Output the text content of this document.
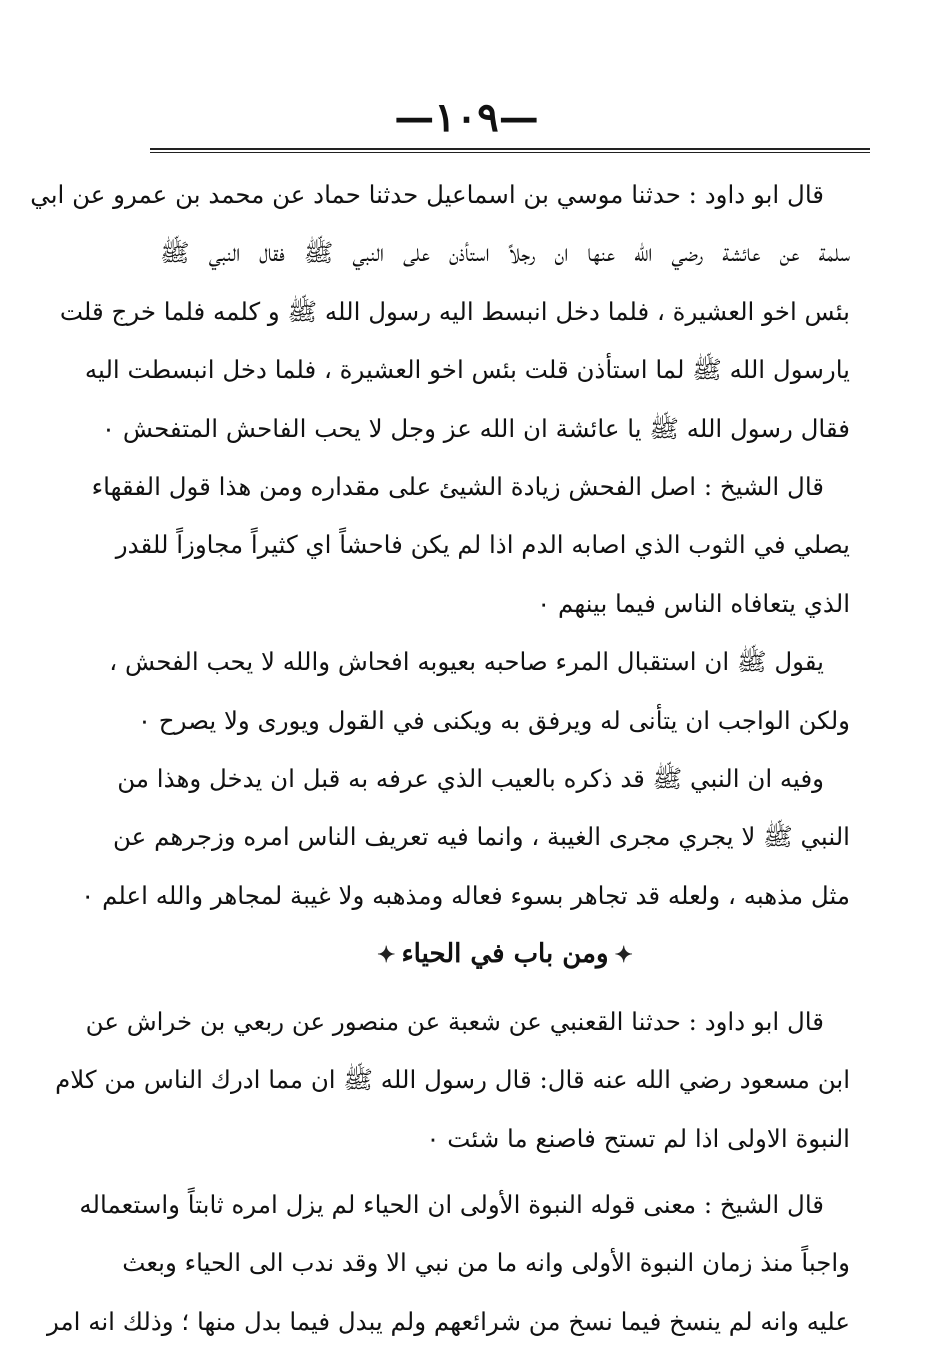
—١٠٩—
قال ابو داود : حدثنا موسي بن اسماعيل حدثنا حماد عن محمد بن عمرو عن ابي
سلمة عن عائشة رضي الله عنها ان رجلاً استأذن على النبي ﷺ فقال النبي ﷺ
بئس اخو العشيرة ، فلما دخل انبسط اليه رسول الله ﷺ و كلمه فلما خرج قلت
يارسول الله ﷺ لما استأذن قلت بئس اخو العشيرة ، فلما دخل انبسطت اليه
فقال رسول الله ﷺ يا عائشة ان الله عز وجل لا يحب الفاحش المتفحش ٠
قال الشيخ : اصل الفحش زيادة الشيئ على مقداره ومن هذا قول الفقهاء
يصلي في الثوب الذي اصابه الدم اذا لم يكن فاحشاً اي كثيراً مجاوزاً للقدر
الذي يتعافاه الناس فيما بينهم ٠
يقول ﷺ ان استقبال المرء صاحبه بعيوبه افحاش والله لا يحب الفحش ،
ولكن الواجب ان يتأنى له ويرفق به ويكنى في القول ويورى ولا يصرح ٠
وفيه ان النبي ﷺ قد ذكره بالعيب الذي عرفه به قبل ان يدخل وهذا من
النبي ﷺ لا يجري مجرى الغيبة ، وانما فيه تعريف الناس امره وزجرهم عن
مثل مذهبه ، ولعله قد تجاهر بسوء فعاله ومذهبه ولا غيبة لمجاهر والله اعلم ٠
✦ومن باب في الحياء✦
قال ابو داود : حدثنا القعنبي عن شعبة عن منصور عن ربعي بن خراش عن
ابن مسعود رضي الله عنه قال: قال رسول الله ﷺ ان مما ادرك الناس من كلام
النبوة الاولى اذا لم تستح فاصنع ما شئت ٠
قال الشيخ : معنى قوله النبوة الأولى ان الحياء لم يزل امره ثابتاً واستعماله
واجباً منذ زمان النبوة الأولى وانه ما من نبي الا وقد ندب الى الحياء وبعث
عليه وانه لم ينسخ فيما نسخ من شرائعهم ولم يبدل فيما بدل منها ؛ وذلك انه امر
